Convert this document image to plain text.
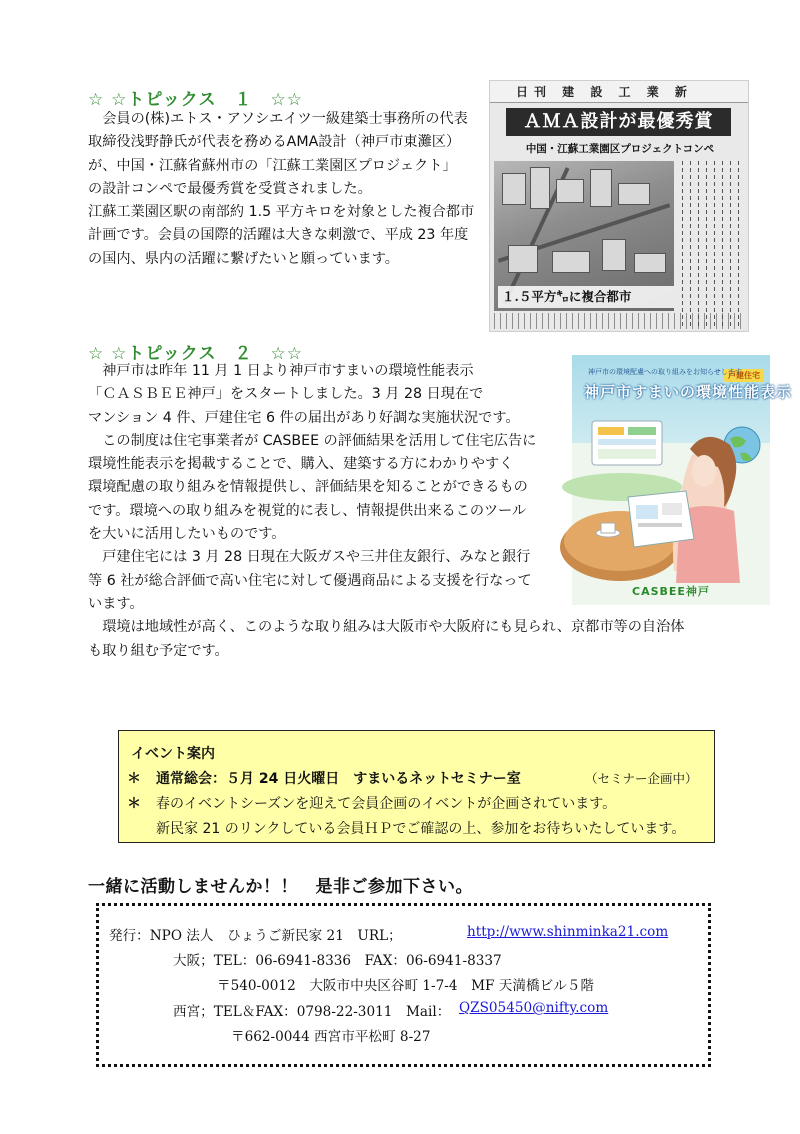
☆ ☆トピックス　１　☆☆
　会員の(株)エトス・アソシエイツ一級建築士事務所の代表
取締役浅野静氏が代表を務めるAMA設計（神戸市東灘区）
が、中国・江蘇省蘇州市の「江蘇工業園区プロジェクト」
の設計コンペで最優秀賞を受賞されました。
江蘇工業園区駅の南部約 1.5 平方キロを対象とした複合都市
計画です。会員の国際的活躍は大きな刺激で、平成 23 年度
の国内、県内の活躍に繋げたいと願っています。
日刊 建 設 工 業 新
ＡＭＡ設計が最優秀賞
中国・江蘇工業園区プロジェクトコンペ
１.５平方㌔に複合都市
☆ ☆トピックス　２　☆☆
　神戸市は昨年 11 月 1 日より神戸市すまいの環境性能表示
「ＣＡＳＢＥＥ神戸」をスタートしました。3 月 28 日現在で
マンション 4 件、戸建住宅 6 件の届出があり好調な実施状況です。
　この制度は住宅事業者が CASBEE の評価結果を活用して住宅広告に
環境性能表示を掲載することで、購入、建築する方にわかりやすく
環境配慮の取り組みを情報提供し、評価結果を知ることができるもの
です。環境への取り組みを視覚的に表し、情報提供出来るこのツール
を大いに活用したいものです。
　戸建住宅には 3 月 28 日現在大阪ガスや三井住友銀行、みなと銀行
等 6 社が総合評価で高い住宅に対して優遇商品による支援を行なって
います。
　環境は地域性が高く、このような取り組みは大阪市や大阪府にも見られ、京都市等の自治体
も取り組む予定です。
戸建住宅
神戸市の環境配慮への取り組みをお知らせします
神戸市すまいの環境性能表示
CASBEE神戸
イベント案内
＊ 通常総会：５月 24 日火曜日　すまいるネットセミナー室	（セミナー企画中）
＊ 春のイベントシーズンを迎えて会員企画のイベントが企画されています。
新民家 21 のリンクしている会員ＨＰでご確認の上、参加をお待ちいたしています。
一緒に活動しませんか！！　是非ご参加下さい。
発行：NPO 法人　ひょうご新民家 21　URL；	http://www.shinminka21.com
大阪；TEL：06-6941-8336　FAX：06-6941-8337
〒540-0012　大阪市中央区谷町 1-7-4　MF 天満橋ビル５階
西宮；TEL＆FAX：0798-22-3011　Mail： QZS05450@nifty.com
〒662-0044 西宮市平松町 8-27
